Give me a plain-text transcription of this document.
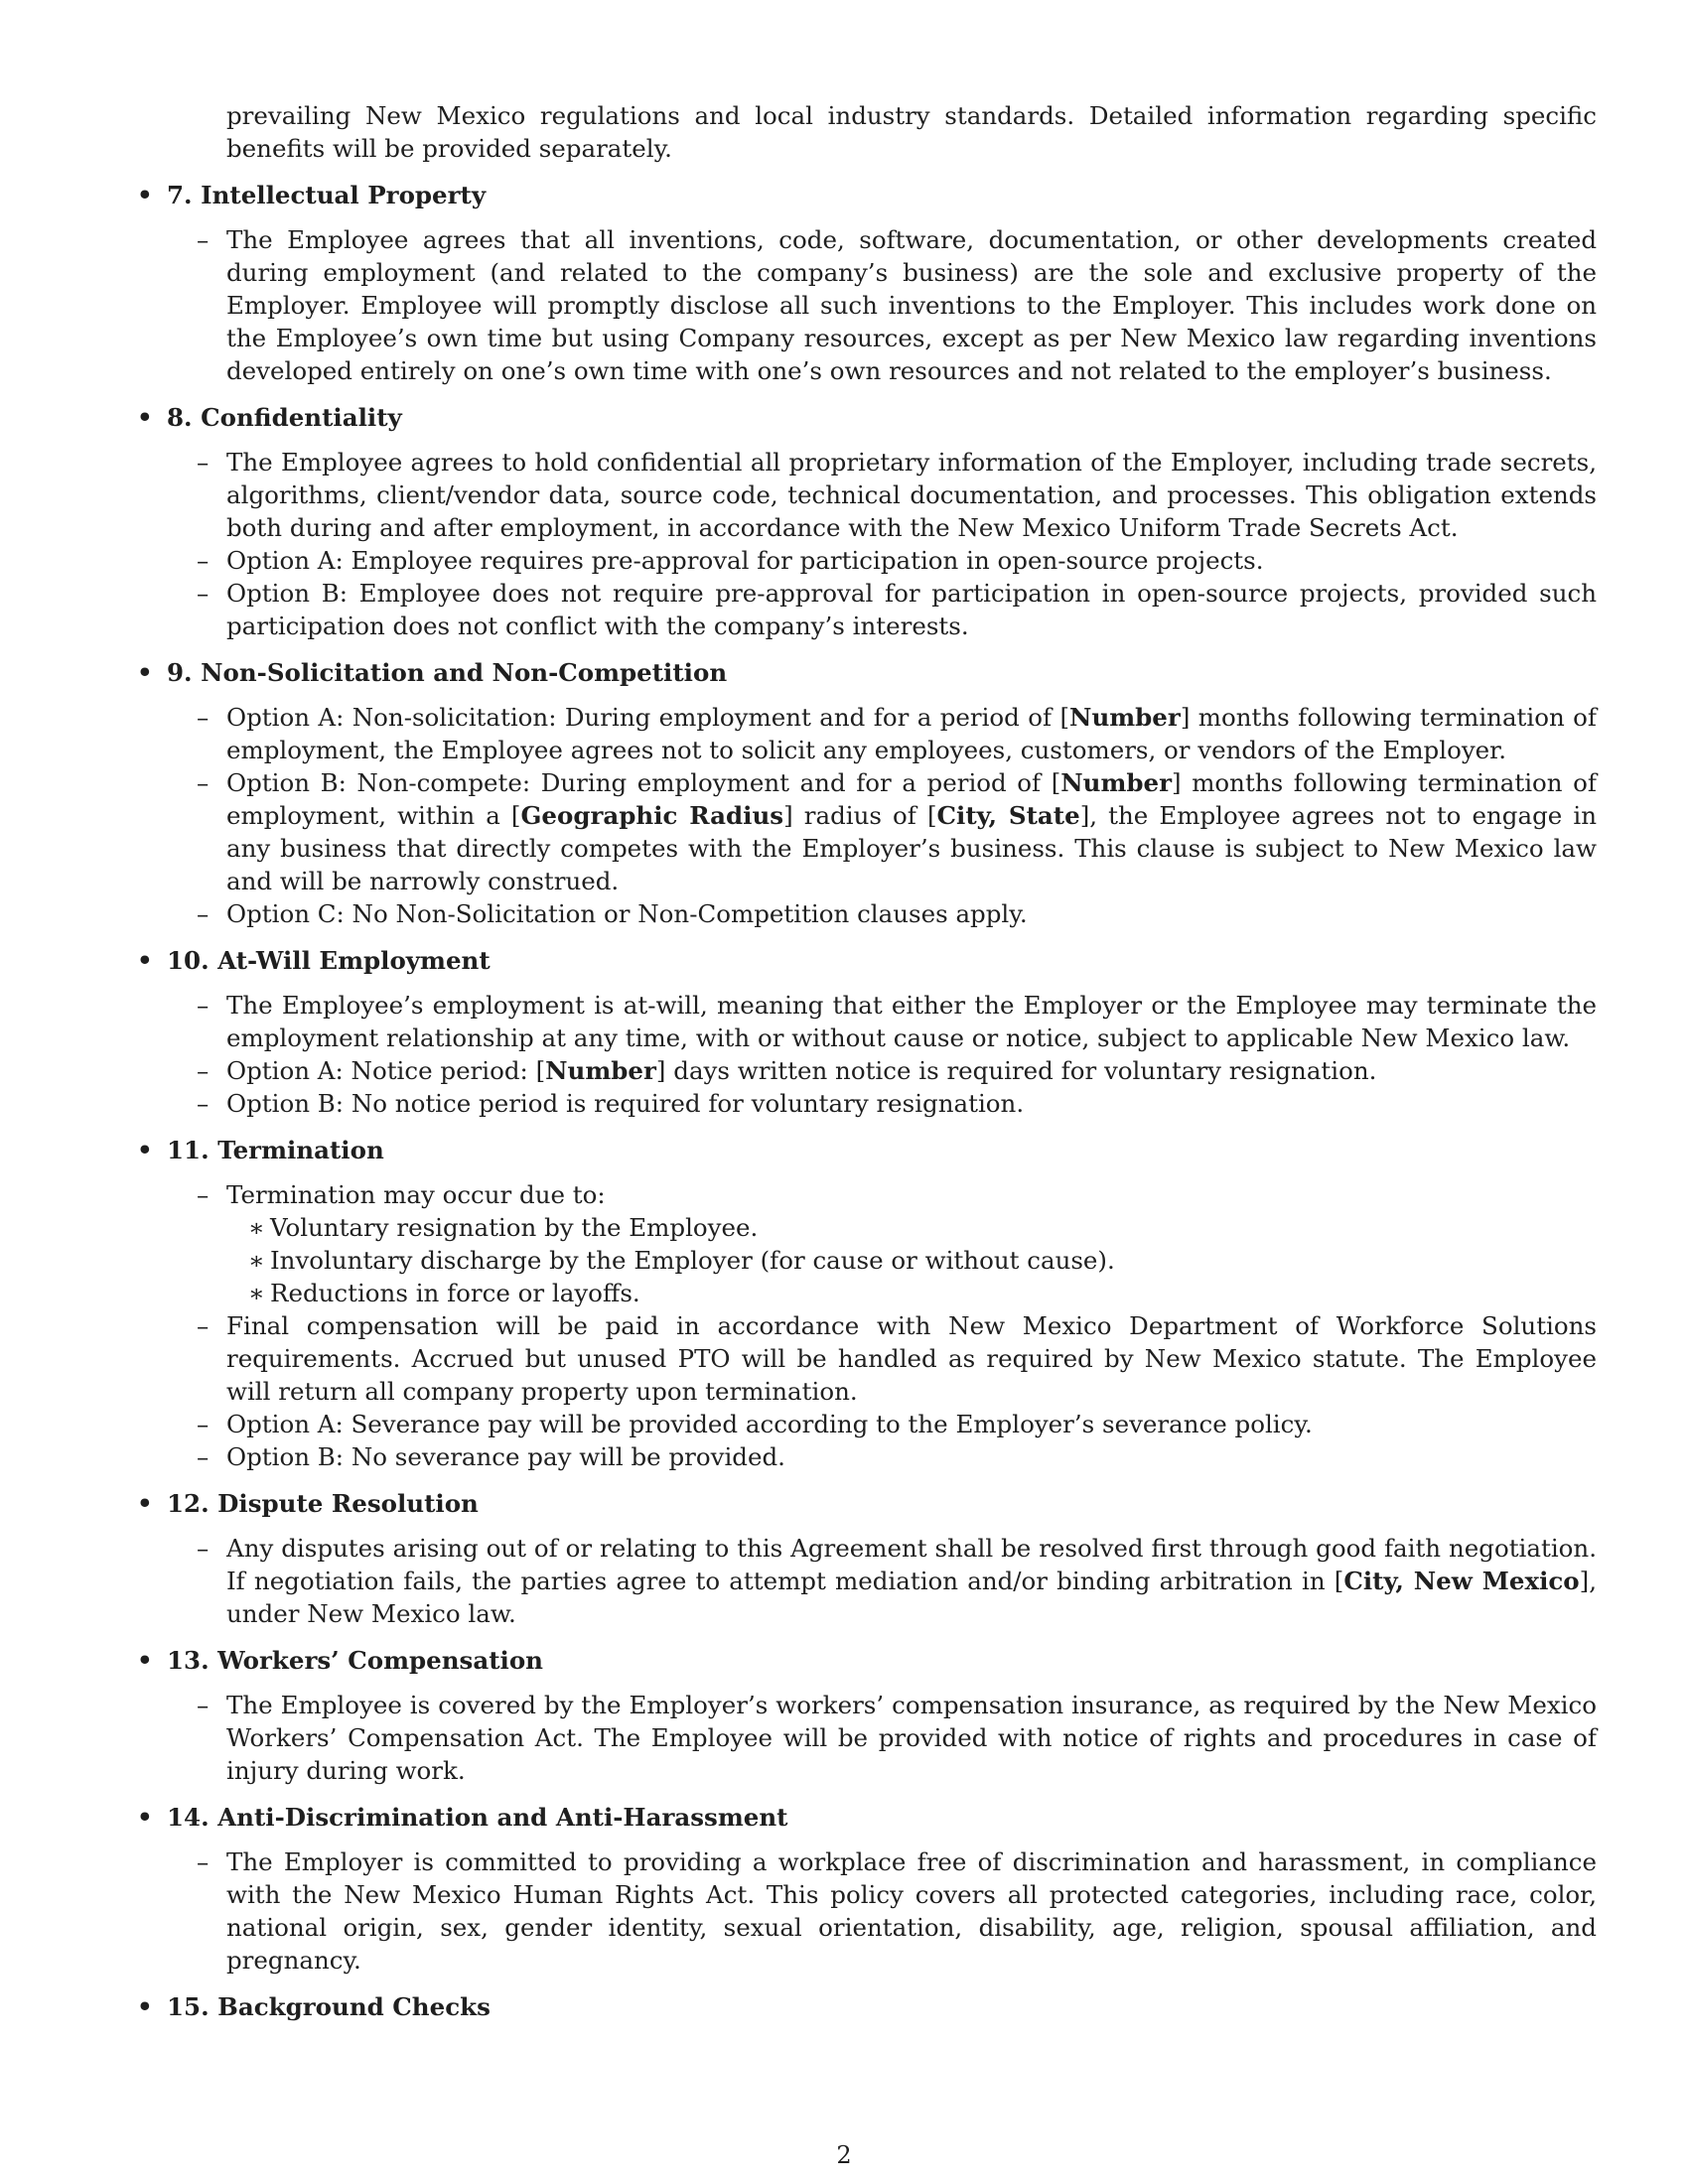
prevailing New Mexico regulations and local industry standards. Detailed information regarding specific benefits will be provided separately.
• 7. Intellectual Property
– The Employee agrees that all inventions, code, software, documentation, or other developments created during employment (and related to the company’s business) are the sole and exclusive property of the Employer. Employee will promptly disclose all such inventions to the Employer. This includes work done on the Employee’s own time but using Company resources, except as per New Mexico law regarding inventions developed entirely on one’s own time with one’s own resources and not related to the employer’s business.
• 8. Confidentiality
– The Employee agrees to hold confidential all proprietary information of the Employer, including trade secrets, algorithms, client/vendor data, source code, technical documentation, and processes. This obligation extends both during and after employment, in accordance with the New Mexico Uniform Trade Secrets Act.
– Option A: Employee requires pre-approval for participation in open-source projects.
– Option B: Employee does not require pre-approval for participation in open-source projects, provided such participation does not conflict with the company’s interests.
• 9. Non-Solicitation and Non-Competition
– Option A: Non-solicitation: During employment and for a period of [Number] months following termination of employment, the Employee agrees not to solicit any employees, customers, or vendors of the Employer.
– Option B: Non-compete: During employment and for a period of [Number] months following termination of employment, within a [Geographic Radius] radius of [City, State], the Employee agrees not to engage in any business that directly competes with the Employer’s business. This clause is subject to New Mexico law and will be narrowly construed.
– Option C: No Non-Solicitation or Non-Competition clauses apply.
• 10. At-Will Employment
– The Employee’s employment is at-will, meaning that either the Employer or the Employee may terminate the employment relationship at any time, with or without cause or notice, subject to applicable New Mexico law.
– Option A: Notice period: [Number] days written notice is required for voluntary resignation.
– Option B: No notice period is required for voluntary resignation.
• 11. Termination
– Termination may occur due to:
∗ Voluntary resignation by the Employee.
∗ Involuntary discharge by the Employer (for cause or without cause).
∗ Reductions in force or layoffs.
– Final compensation will be paid in accordance with New Mexico Department of Workforce Solutions requirements. Accrued but unused PTO will be handled as required by New Mexico statute. The Employee will return all company property upon termination.
– Option A: Severance pay will be provided according to the Employer’s severance policy.
– Option B: No severance pay will be provided.
• 12. Dispute Resolution
– Any disputes arising out of or relating to this Agreement shall be resolved first through good faith negotiation. If negotiation fails, the parties agree to attempt mediation and/or binding arbitration in [City, New Mexico], under New Mexico law.
• 13. Workers’ Compensation
– The Employee is covered by the Employer’s workers’ compensation insurance, as required by the New Mexico Workers’ Compensation Act. The Employee will be provided with notice of rights and procedures in case of injury during work.
• 14. Anti-Discrimination and Anti-Harassment
– The Employer is committed to providing a workplace free of discrimination and harassment, in compliance with the New Mexico Human Rights Act. This policy covers all protected categories, including race, color, national origin, sex, gender identity, sexual orientation, disability, age, religion, spousal affiliation, and pregnancy.
• 15. Background Checks
2
